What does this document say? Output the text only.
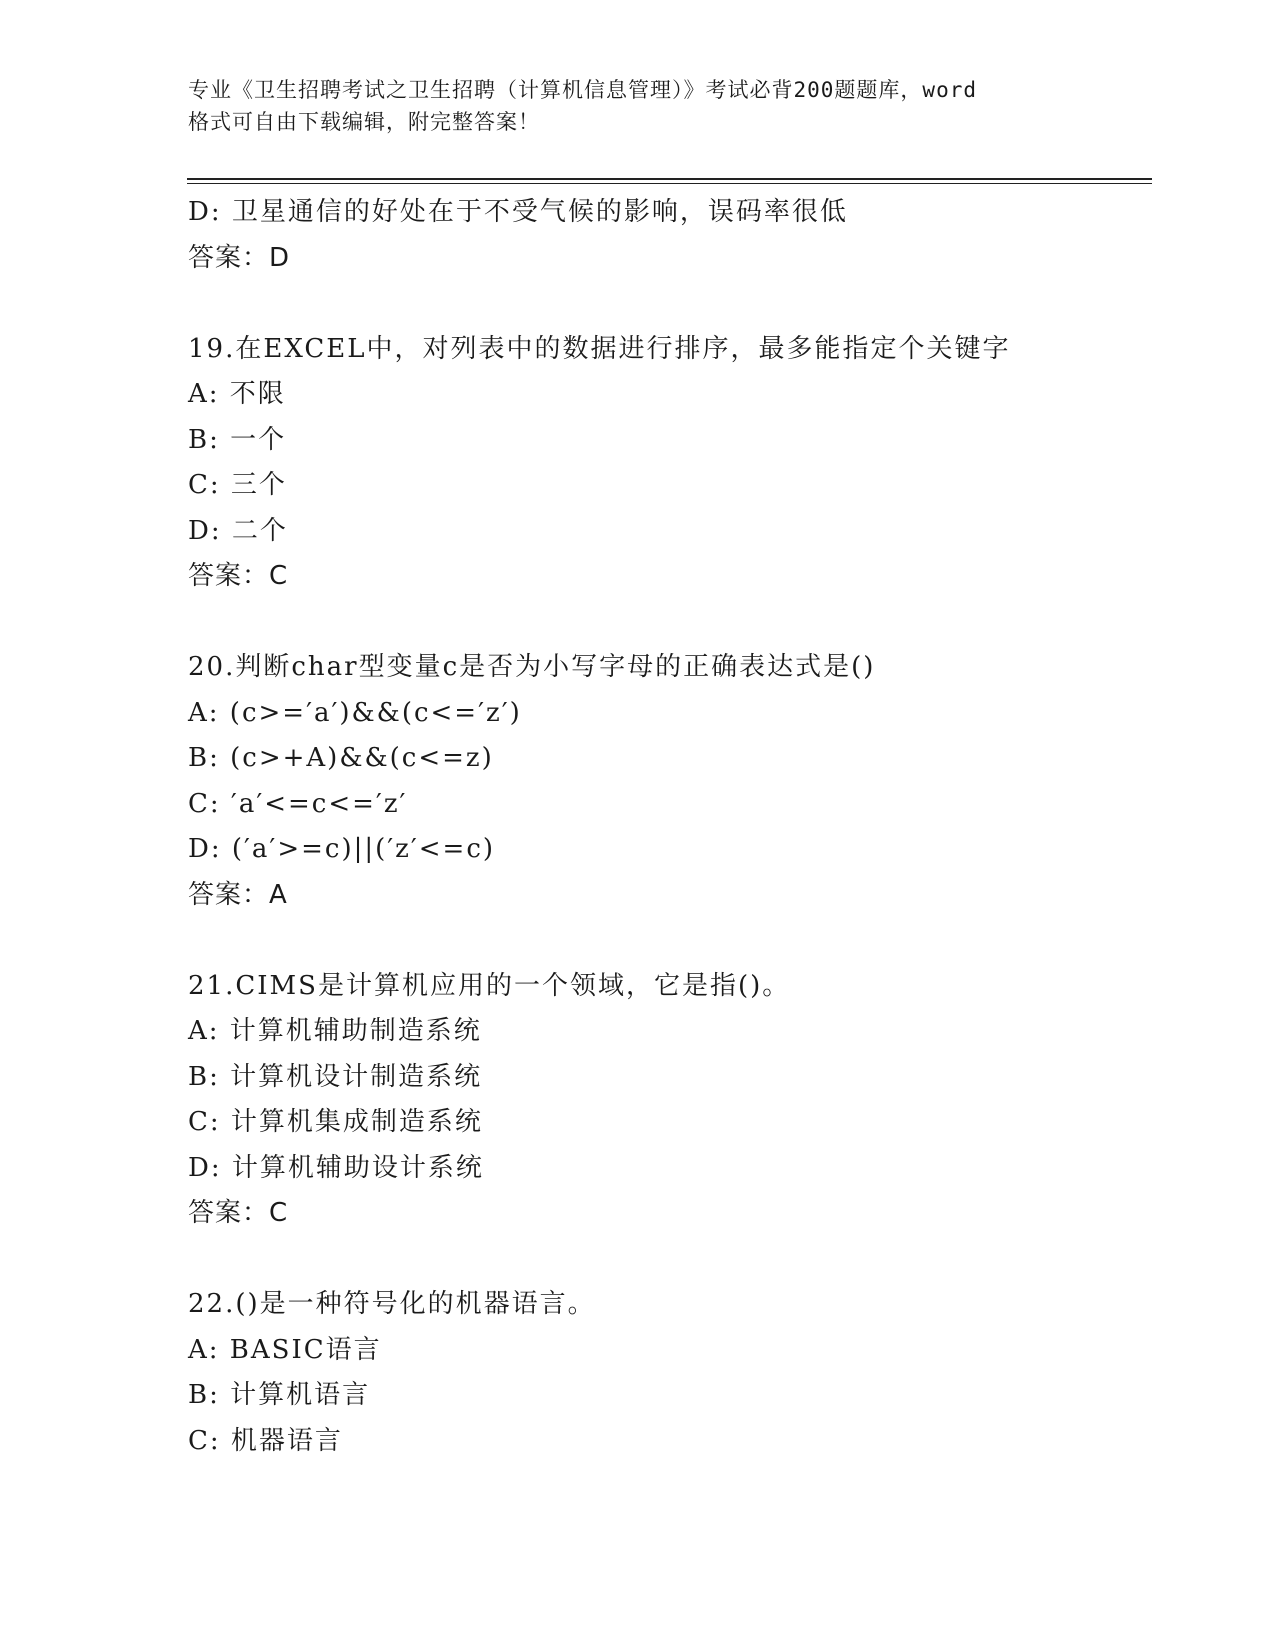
专业《卫生招聘考试之卫生招聘（计算机信息管理）》考试必背200题题库，word
格式可自由下载编辑，附完整答案！
D: 卫星通信的好处在于不受气候的影响，误码率很低
答案：D
19.在EXCEL中，对列表中的数据进行排序，最多能指定个关键字
A: 不限
B: 一个
C: 三个
D: 二个
答案：C
20.判断char型变量c是否为小写字母的正确表达式是()
A: (c>=′a′)&&(c<=′z′)
B: (c>+A)&&(c<=z)
C: ′a′<=c<=′z′
D: (′a′>=c)||(′z′<=c)
答案：A
21.CIMS是计算机应用的一个领域，它是指()。
A: 计算机辅助制造系统
B: 计算机设计制造系统
C: 计算机集成制造系统
D: 计算机辅助设计系统
答案：C
22.()是一种符号化的机器语言。
A: BASIC语言
B: 计算机语言
C: 机器语言
